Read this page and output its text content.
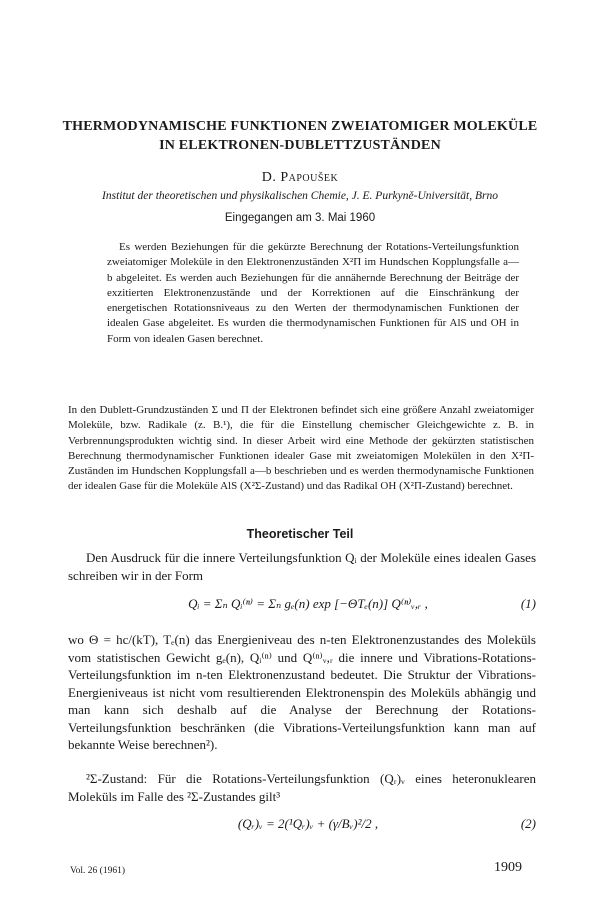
THERMODYNAMISCHE FUNKTIONEN ZWEIATOMIGER MOLEKÜLE
IN ELEKTRONEN-DUBLETTZUSTÄNDEN
D. Papoušek
Institut der theoretischen und physikalischen Chemie, J. E. Purkyně-Universität, Brno
Eingegangen am 3. Mai 1960

Es werden Beziehungen für die gekürzte Berechnung der Rotations-Verteilungsfunktion zweiatomiger Moleküle in den Elektronenzuständen X²Π im Hundschen Kopplungsfalle a—b abgeleitet. Es werden auch Beziehungen für die annähernde Berechnung der Beiträge der exzitierten Elektronenzustände und der Korrektionen auf die Einschränkung der energetischen Rotationsniveaus zu den Werten der thermodynamischen Funktionen der idealen Gase abgeleitet. Es wurden die thermodynamischen Funktionen für AlS und OH in Form von idealen Gasen berechnet.

In den Dublett-Grundzuständen Σ und Π der Elektronen befindet sich eine größere Anzahl zweiatomiger Moleküle, bzw. Radikale (z. B.¹), die für die Einstellung chemischer Gleichgewichte z. B. in Verbrennungsprodukten wichtig sind. In dieser Arbeit wird eine Methode der gekürzten statistischen Berechnung thermodynamischer Funktionen idealer Gase mit zweiatomigen Molekülen in den X²Π-Zuständen im Hundschen Kopplungsfall a—b beschrieben und es werden thermodynamische Funktionen der idealen Gase für die Moleküle AlS (X²Σ-Zustand) und das Radikal OH (X²Π-Zustand) berechnet.

Theoretischer Teil

Den Ausdruck für die innere Verteilungsfunktion Qᵢ der Moleküle eines idealen Gases schreiben wir in der Form

Qᵢ = Σₙ Qᵢ⁽ⁿ⁾ = Σₙ gₑ(n) exp [−ΘTₑ(n)] Q⁽ⁿ⁾ᵥ,ᵣ ,	(1)

wo Θ = hc/(kT), Tₑ(n) das Energieniveau des n-ten Elektronenzustandes des Moleküls vom statistischen Gewicht gₑ(n), Qᵢ⁽ⁿ⁾ und Q⁽ⁿ⁾ᵥ,ᵣ die innere und Vibrations-Rotations-Verteilungsfunktion im n-ten Elektronenzustand bedeutet. Die Struktur der Vibrations-Energieniveaus ist nicht vom resultierenden Elektronenspin des Moleküls abhängig und man kann sich deshalb auf die Analyse der Berechnung der Rotations-Verteilungsfunktion beschränken (die Vibrations-Verteilungsfunktion kann man auf bekannte Weise berechnen²).

²Σ-Zustand: Für die Rotations-Verteilungsfunktion (Qᵣ)ᵥ eines heteronuklearen Moleküls im Falle des ²Σ-Zustandes gilt³

(Qᵣ)ᵥ = 2(¹Qᵣ)ᵥ + (γ/Bᵥ)²/2 ,	(2)
Vol. 26 (1961)	1909
